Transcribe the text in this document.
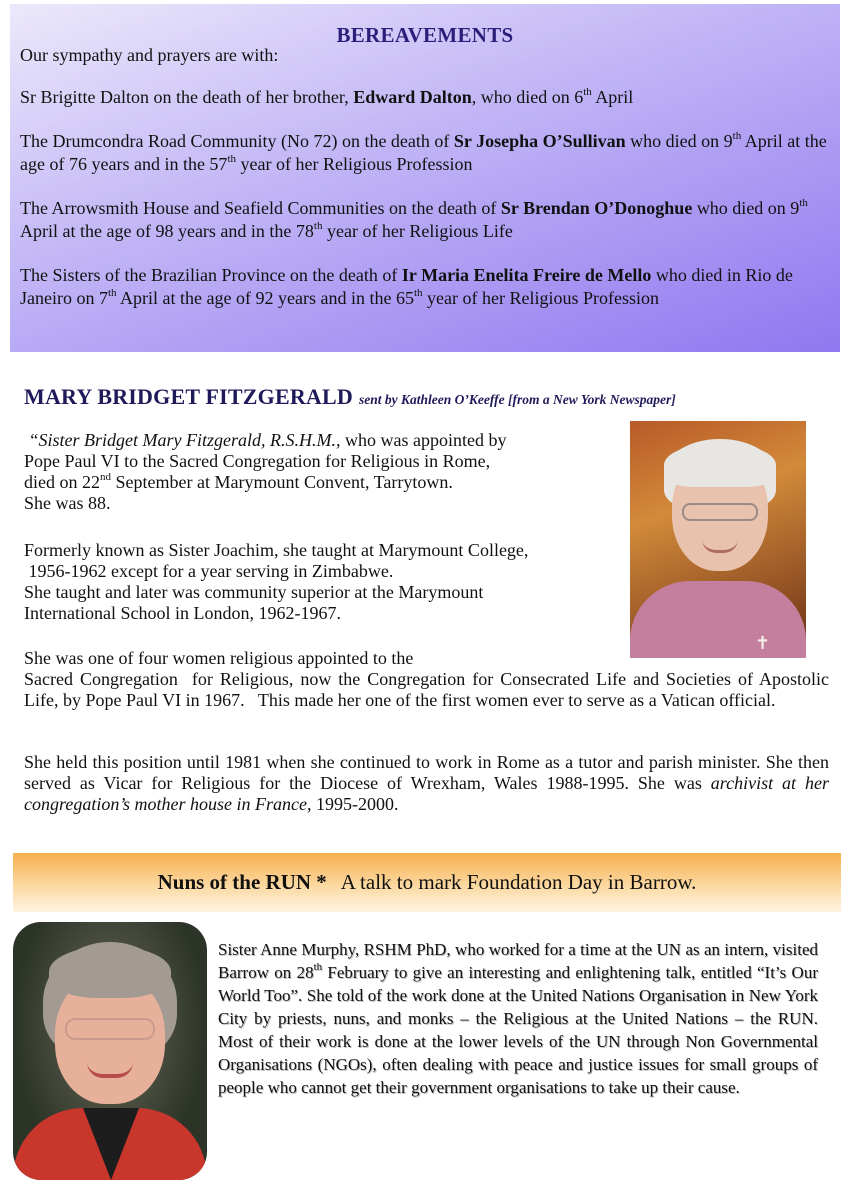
BEREAVEMENTS

Our sympathy and prayers are with:

Sr Brigitte Dalton on the death of her brother, Edward Dalton, who died on 6th April

The Drumcondra Road Community (No 72) on the death of Sr Josepha O’Sullivan who died on 9th April at the age of 76 years and in the 57th year of her Religious Profession

The Arrowsmith House and Seafield Communities on the death of Sr Brendan O’Donoghue who died on 9th April at the age of 98 years and in the 78th year of her Religious Life

The Sisters of the Brazilian Province on the death of Ir Maria Enelita Freire de Mello who died in Rio de Janeiro on 7th April at the age of 92 years and in the 65th year of her Religious Profession

MARY BRIDGET FITZGERALD sent by Kathleen O’Keeffe [from a New York Newspaper]
✝
“Sister Bridget Mary Fitzgerald, R.S.H.M., who was appointed by
Pope Paul VI to the Sacred Congregation for Religious in Rome,
died on 22nd September at Marymount Convent, Tarrytown.
She was 88.
Formerly known as Sister Joachim, she taught at Marymount College,
1956-1962 except for a year serving in Zimbabwe.
She taught and later was community superior at the Marymount
International School in London, 1962-1967.
She was one of four women religious appointed to the
Sacred Congregation  for Religious, now the Congregation for Consecrated Life and Societies of Apostolic Life, by Pope Paul VI in 1967.   This made her one of the first women ever to serve as a Vatican official.
She held this position until 1981 when she continued to work in Rome as a tutor and parish minister. She then served as Vicar for Religious for the Diocese of Wrexham, Wales 1988-1995. She was archivist at her congregation’s mother house in France, 1995-2000.
Nuns of the RUN * A talk to mark Foundation Day in Barrow.
Sister Anne Murphy, RSHM PhD, who worked for a time at the UN as an intern, visited Barrow on 28th February to give an interesting and enlightening talk, entitled “It’s Our World Too”. She told of the work done at the United Nations Organisation in New York City by priests, nuns, and monks – the Religious at the United Nations – the RUN. Most of their work is done at the lower levels of the UN through Non Governmental Organisations (NGOs), often dealing with peace and justice issues for small groups of people who cannot get their government organisations to take up their cause.
